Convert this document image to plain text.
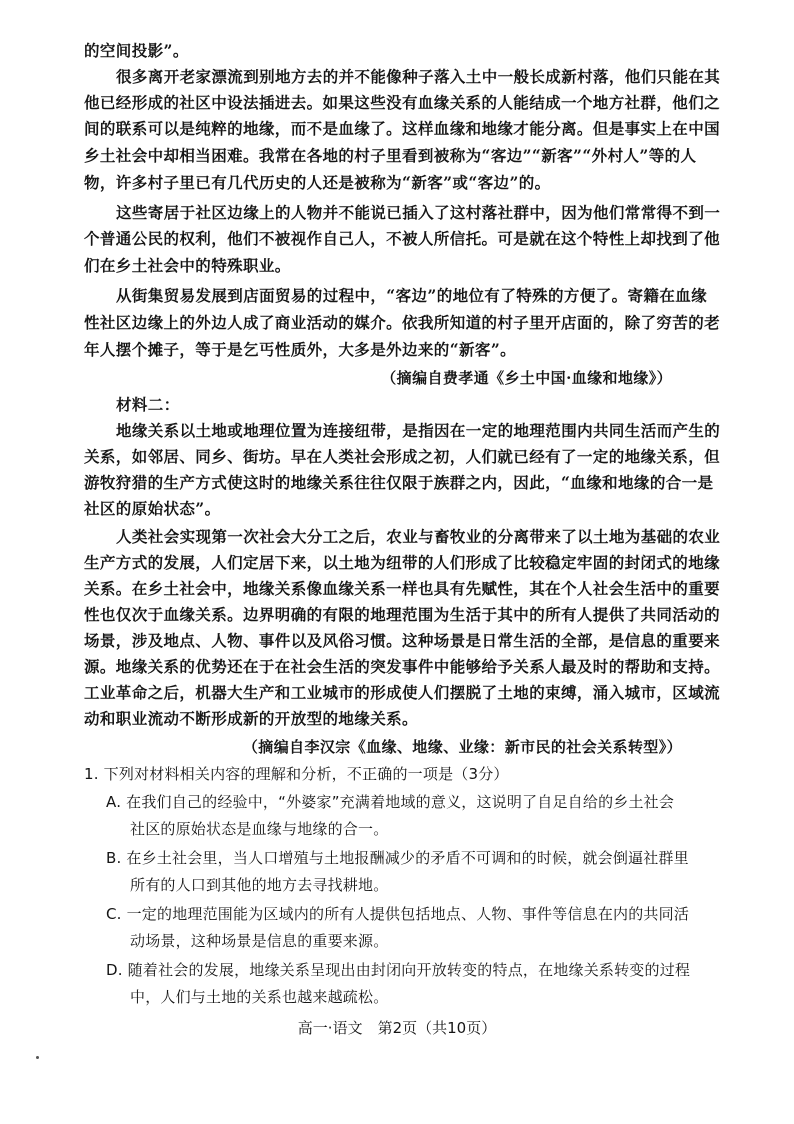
的空间投影”。
很多离开老家漂流到别地方去的并不能像种子落入土中一般长成新村落，他们只能在其
他已经形成的社区中设法插进去。如果这些没有血缘关系的人能结成一个地方社群，他们之
间的联系可以是纯粹的地缘，而不是血缘了。这样血缘和地缘才能分离。但是事实上在中国
乡土社会中却相当困难。我常在各地的村子里看到被称为“客边”“新客”“外村人”等的人
物，许多村子里已有几代历史的人还是被称为“新客”或“客边”的。
这些寄居于社区边缘上的人物并不能说已插入了这村落社群中，因为他们常常得不到一
个普通公民的权利，他们不被视作自己人，不被人所信托。可是就在这个特性上却找到了他
们在乡土社会中的特殊职业。
从街集贸易发展到店面贸易的过程中，“客边”的地位有了特殊的方便了。寄籍在血缘
性社区边缘上的外边人成了商业活动的媒介。依我所知道的村子里开店面的，除了穷苦的老
年人摆个摊子，等于是乞丐性质外，大多是外边来的“新客”。
（摘编自费孝通《乡土中国·血缘和地缘》）
材料二：
地缘关系以土地或地理位置为连接纽带，是指因在一定的地理范围内共同生活而产生的
关系，如邻居、同乡、街坊。早在人类社会形成之初，人们就已经有了一定的地缘关系，但
游牧狩猎的生产方式使这时的地缘关系往往仅限于族群之内，因此，“血缘和地缘的合一是
社区的原始状态”。
人类社会实现第一次社会大分工之后，农业与畜牧业的分离带来了以土地为基础的农业
生产方式的发展，人们定居下来，以土地为纽带的人们形成了比较稳定牢固的封闭式的地缘
关系。在乡土社会中，地缘关系像血缘关系一样也具有先赋性，其在个人社会生活中的重要
性也仅次于血缘关系。边界明确的有限的地理范围为生活于其中的所有人提供了共同活动的
场景，涉及地点、人物、事件以及风俗习惯。这种场景是日常生活的全部，是信息的重要来
源。地缘关系的优势还在于在社会生活的突发事件中能够给予关系人最及时的帮助和支持。
工业革命之后，机器大生产和工业城市的形成使人们摆脱了土地的束缚，涌入城市，区域流
动和职业流动不断形成新的开放型的地缘关系。
（摘编自李汉宗《血缘、地缘、业缘：新市民的社会关系转型》）
1. 下列对材料相关内容的理解和分析，不正确的一项是（3分）
A. 在我们自己的经验中，“外婆家”充满着地域的意义，这说明了自足自给的乡土社会
社区的原始状态是血缘与地缘的合一。
B. 在乡土社会里，当人口增殖与土地报酬减少的矛盾不可调和的时候，就会倒逼社群里
所有的人口到其他的地方去寻找耕地。
C. 一定的地理范围能为区域内的所有人提供包括地点、人物、事件等信息在内的共同活
动场景，这种场景是信息的重要来源。
D. 随着社会的发展，地缘关系呈现出由封闭向开放转变的特点，在地缘关系转变的过程
中，人们与土地的关系也越来越疏松。
高一·语文　第2页（共10页）
